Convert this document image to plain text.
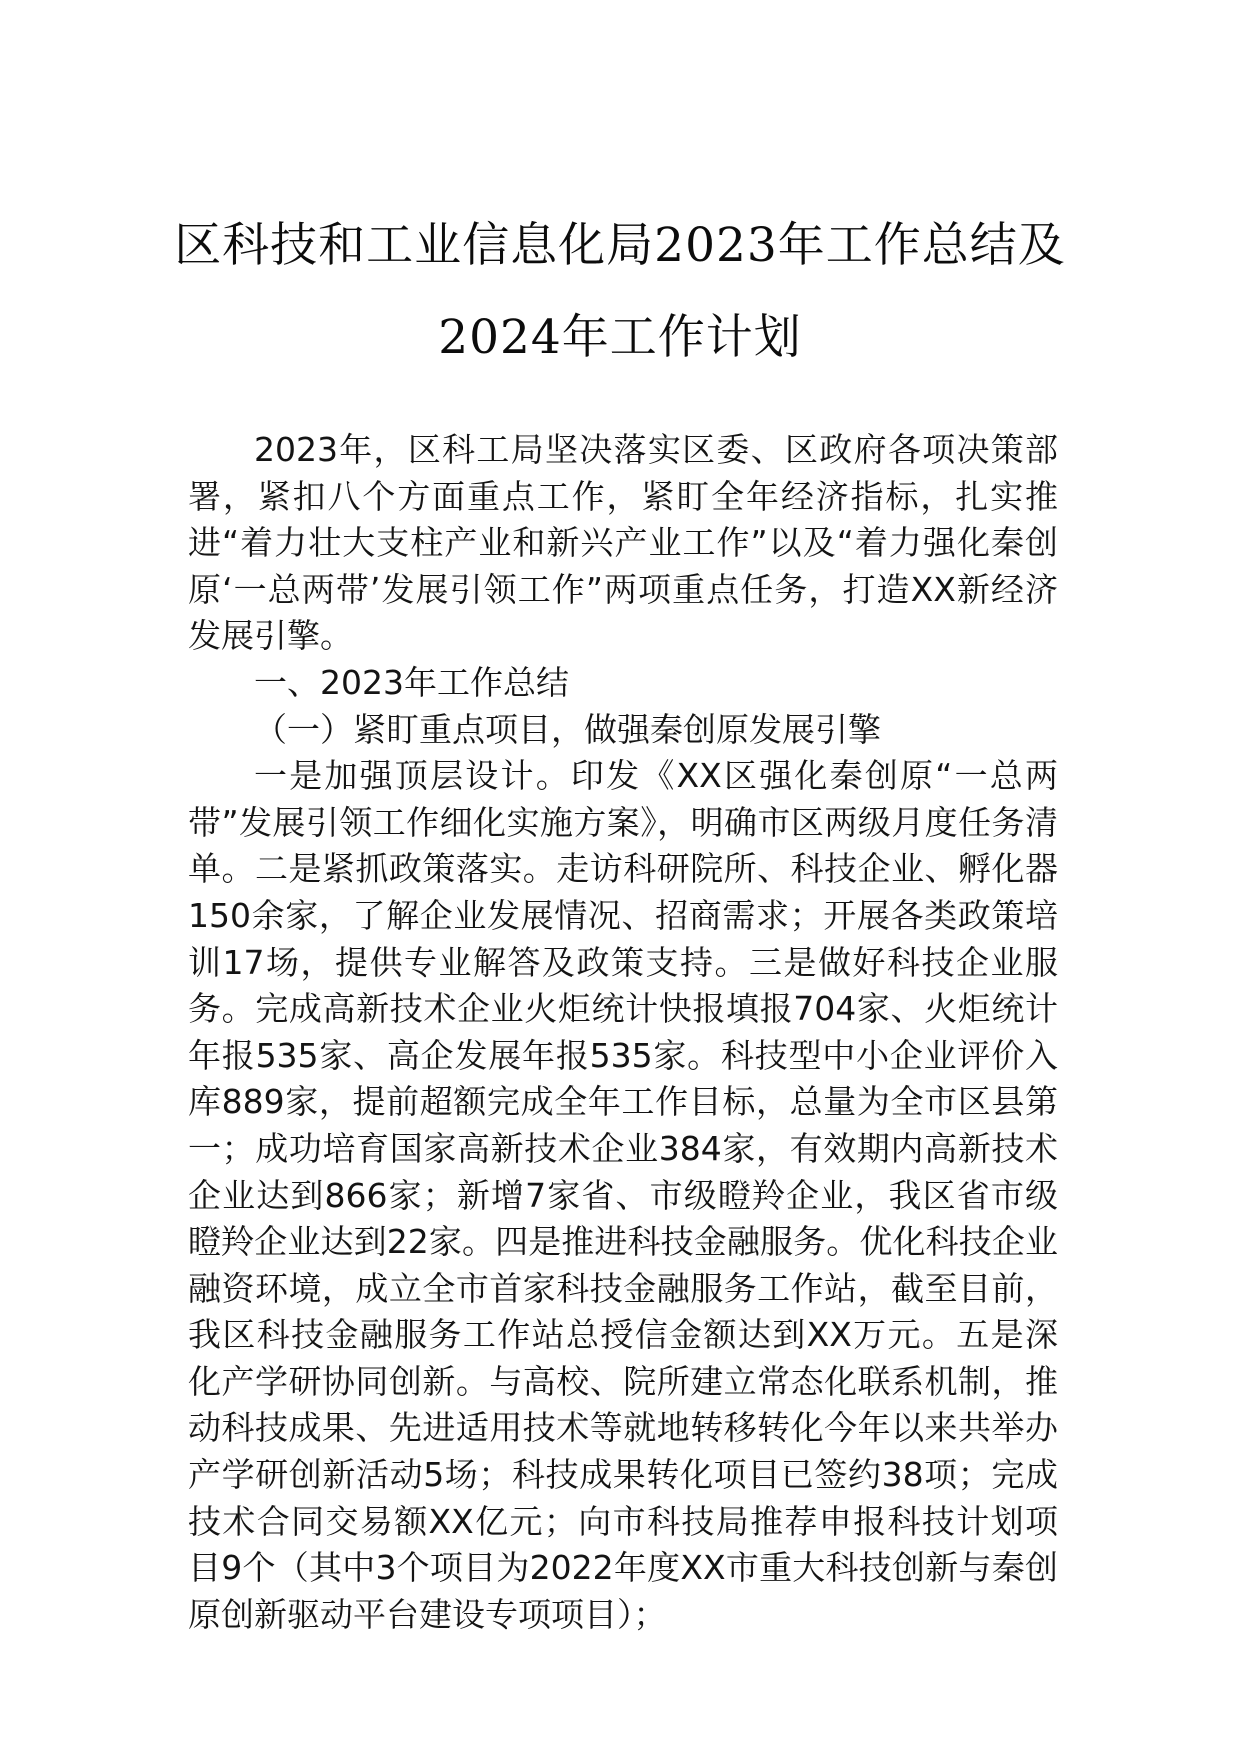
区科技和工业信息化局2023年工作总结及
2024年工作计划

2023年，区科工局坚决落实区委、区政府各项决策部署，紧扣八个方面重点工作，紧盯全年经济指标，扎实推进“着力壮大支柱产业和新兴产业工作”以及“着力强化秦创原‘一总两带’发展引领工作”两项重点任务，打造XX新经济发展引擎。

一、2023年工作总结

（一）紧盯重点项目，做强秦创原发展引擎

一是加强顶层设计。印发《XX区强化秦创原“一总两带”发展引领工作细化实施方案》，明确市区两级月度任务清单。二是紧抓政策落实。走访科研院所、科技企业、孵化器150余家，了解企业发展情况、招商需求；开展各类政策培训17场，提供专业解答及政策支持。三是做好科技企业服务。完成高新技术企业火炬统计快报填报704家、火炬统计年报535家、高企发展年报535家。科技型中小企业评价入库889家，提前超额完成全年工作目标，总量为全市区县第一；成功培育国家高新技术企业384家，有效期内高新技术企业达到866家；新增7家省、市级瞪羚企业，我区省市级瞪羚企业达到22家。四是推进科技金融服务。优化科技企业融资环境，成立全市首家科技金融服务工作站，截至目前，我区科技金融服务工作站总授信金额达到XX万元。五是深化产学研协同创新。与高校、院所建立常态化联系机制，推动科技成果、先进适用技术等就地转移转化今年以来共举办产学研创新活动5场；科技成果转化项目已签约38项；完成技术合同交易额XX亿元；向市科技局推荐申报科技计划项目9个（其中3个项目为2022年度XX市重大科技创新与秦创原创新驱动平台建设专项项目）；
